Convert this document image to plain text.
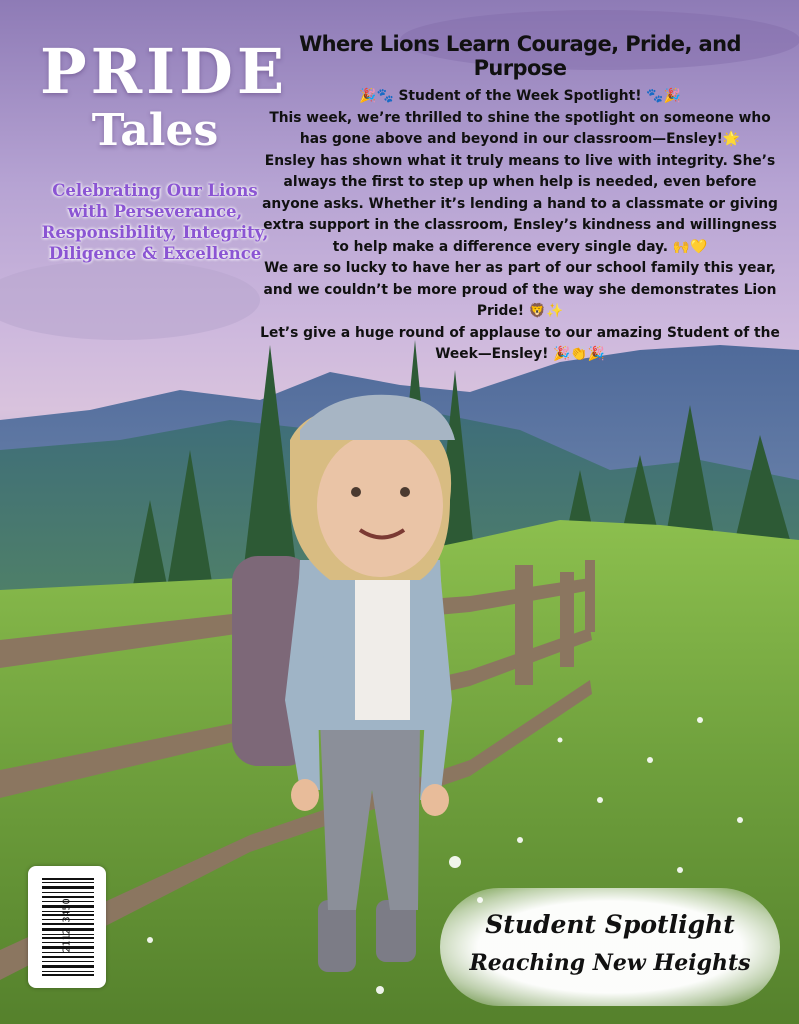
PRIDE
Tales
Celebrating Our Lions with Perseverance, Responsibility, Integrity, Diligence & Excellence
Where Lions Learn Courage, Pride, and Purpose

🎉🐾 Student of the Week Spotlight! 🐾🎉

This week, we’re thrilled to shine the spotlight on someone who has gone above and beyond in our classroom—Ensley!🌟

Ensley has shown what it truly means to live with integrity. She’s always the first to step up when help is needed, even before anyone asks. Whether it’s lending a hand to a classmate or giving extra support in the classroom, Ensley’s kindness and willingness to help make a difference every single day. 🙌💛

We are so lucky to have her as part of our school family this year, and we couldn’t be more proud of the way she demonstrates Lion Pride! 🦁✨

Let’s give a huge round of applause to our amazing Student of the Week—Ensley! 🎉👏🎉

2112 3450	Student Spotlight
Reaching New Heights
